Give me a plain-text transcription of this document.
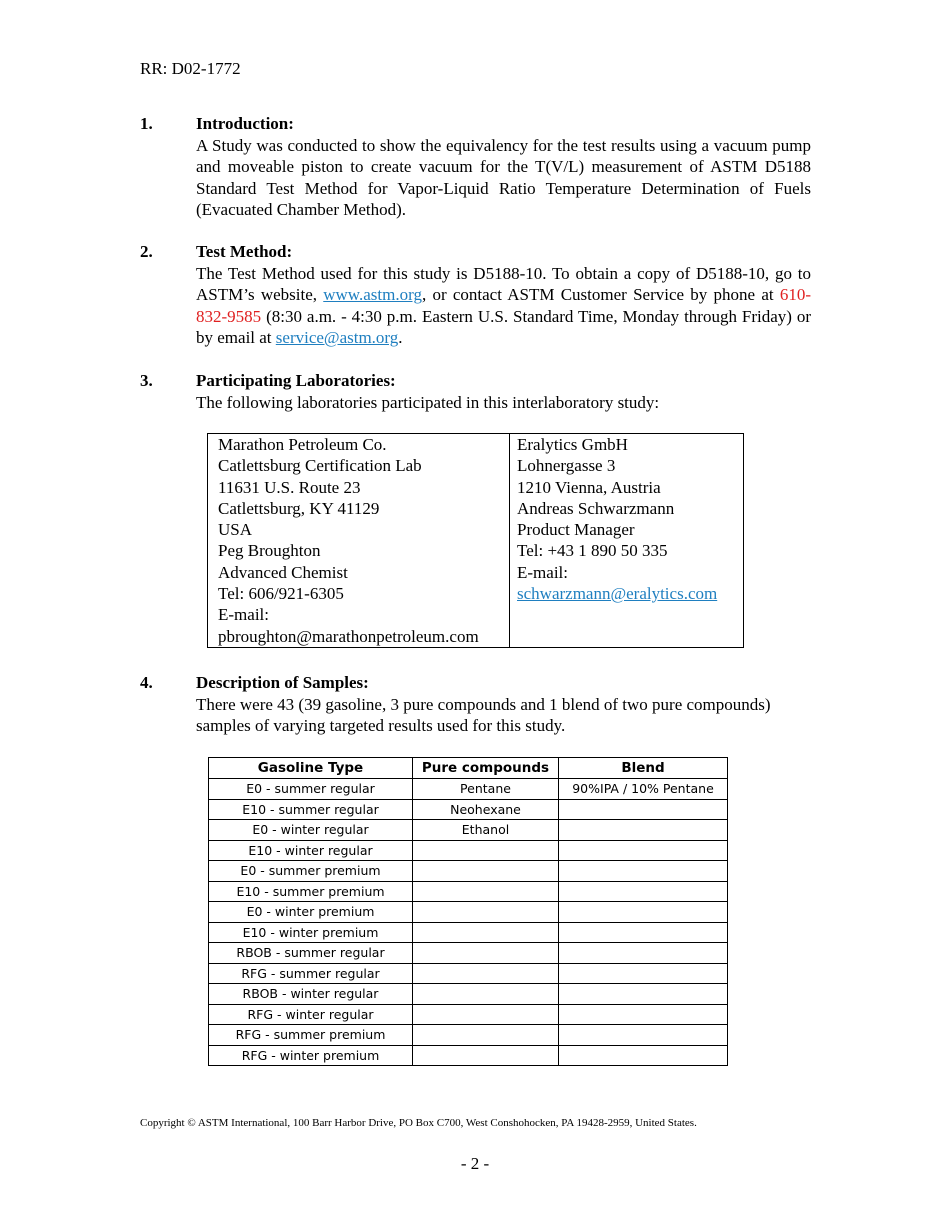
RR: D02-1772
1.	Introduction:
A Study was conducted to show the equivalency for the test results using a vacuum pump and moveable piston to create vacuum for the T(V/L) measurement of ASTM D5188 Standard Test Method for Vapor-Liquid Ratio Temperature Determination of Fuels (Evacuated Chamber Method).
2.	Test Method:
The Test Method used for this study is D5188-10. To obtain a copy of D5188-10, go to ASTM’s website, www.astm.org, or contact ASTM Customer Service by phone at 610-832-9585 (8:30 a.m. - 4:30 p.m. Eastern U.S. Standard Time, Monday through Friday) or by email at service@astm.org.
3.	Participating Laboratories:
The following laboratories participated in this interlaboratory study:
Marathon Petroleum Co.
Catlettsburg Certification Lab
11631 U.S. Route 23
Catlettsburg, KY 41129
USA
Peg Broughton
Advanced Chemist
Tel: 606/921-6305
E-mail:
pbroughton@marathonpetroleum.com

Eralytics GmbH
Lohnergasse 3
1210 Vienna, Austria
Andreas Schwarzmann
Product Manager
Tel: +43 1 890 50 335
E-mail:
schwarzmann@eralytics.com
4.	Description of Samples:
There were 43 (39 gasoline, 3 pure compounds and 1 blend of two pure compounds) samples of varying targeted results used for this study.
Gasoline Type	Pure compounds	Blend
E0 - summer regular	Pentane	90%IPA / 10% Pentane
E10 - summer regular	Neohexane	
E0 - winter regular	Ethanol	
E10 - winter regular		
E0 - summer premium		
E10 - summer premium		
E0 - winter premium		
E10 - winter premium		
RBOB - summer regular		
RFG - summer regular		
RBOB - winter regular		
RFG - winter regular		
RFG - summer premium		
RFG - winter premium		
Copyright © ASTM International, 100 Barr Harbor Drive, PO Box C700, West Conshohocken, PA 19428-2959, United States.
- 2 -
